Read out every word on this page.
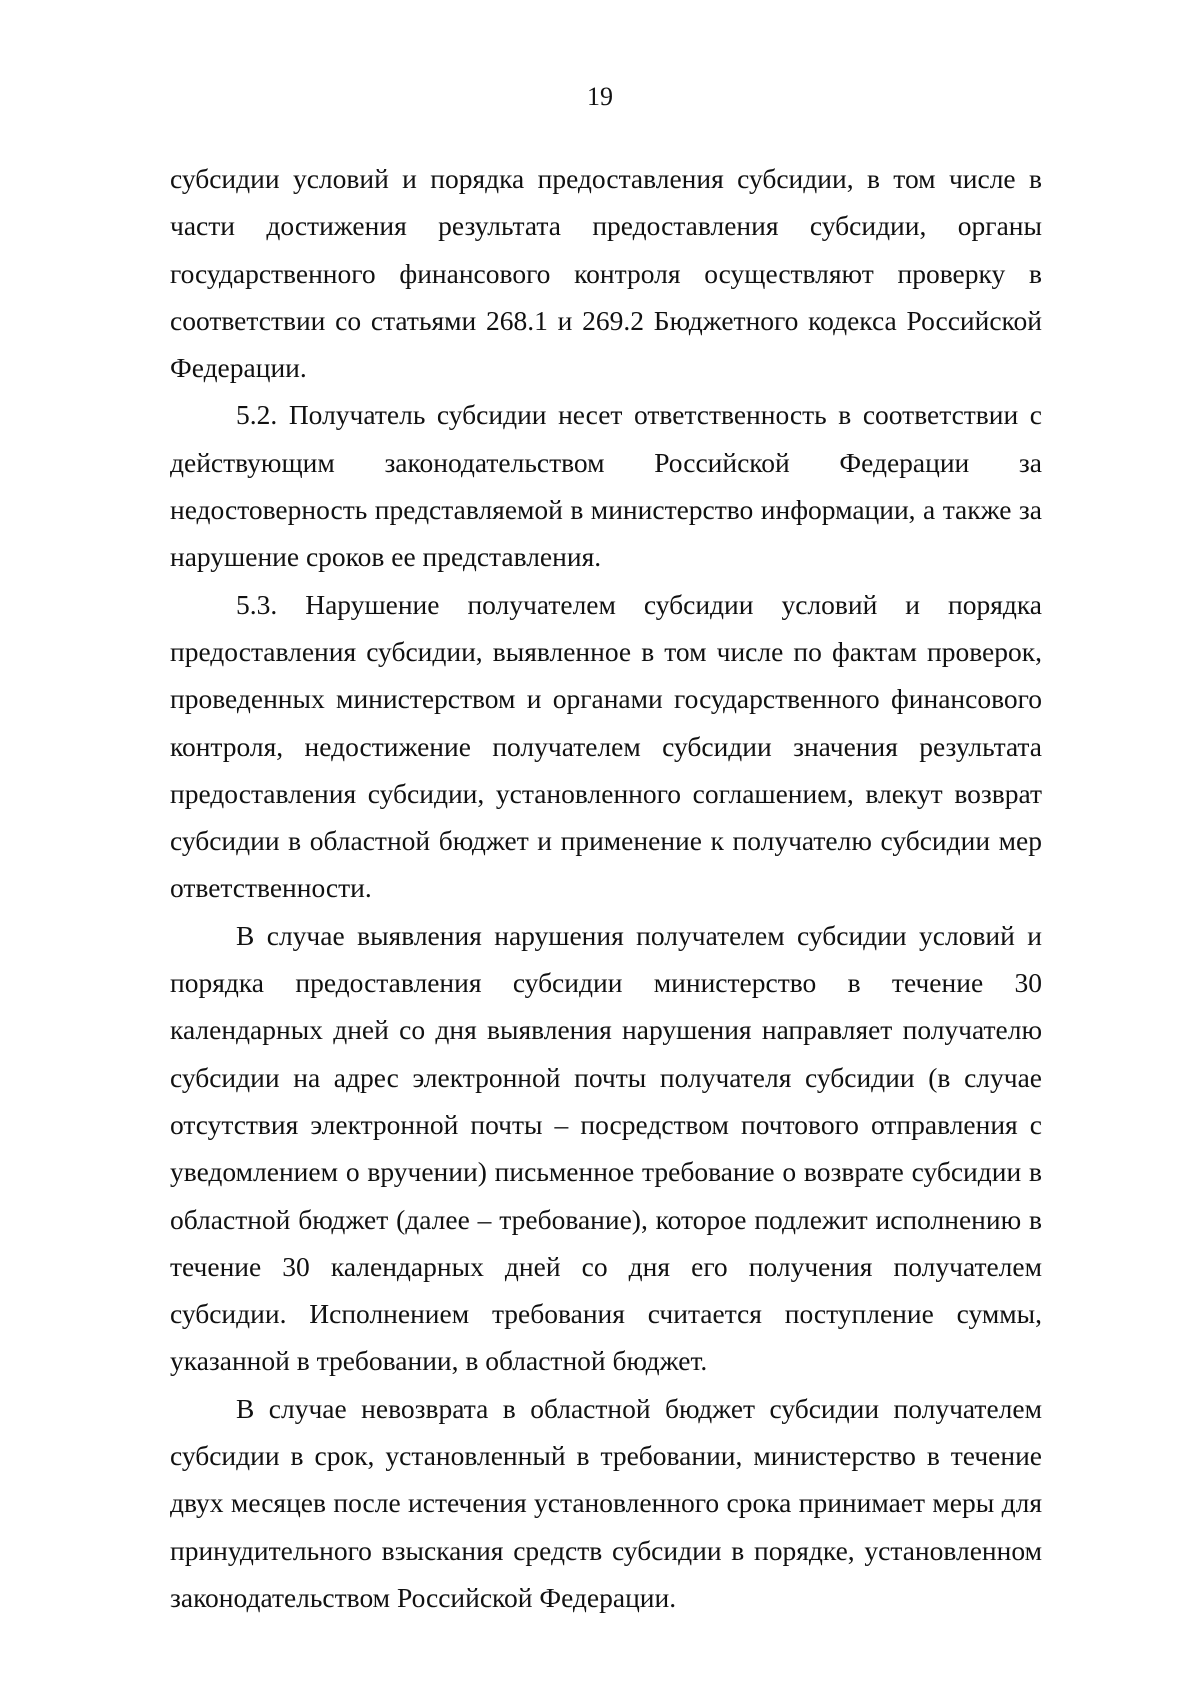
19

субсидии условий и порядка предоставления субсидии, в том числе в части достижения результата предоставления субсидии, органы государственного финансового контроля осуществляют проверку в соответствии со статьями 268.1 и 269.2 Бюджетного кодекса Российской Федерации.

5.2. Получатель субсидии несет ответственность в соответствии с действующим законодательством Российской Федерации за недостоверность представляемой в министерство информации, а также за нарушение сроков ее представления.

5.3. Нарушение получателем субсидии условий и порядка предоставления субсидии, выявленное в том числе по фактам проверок, проведенных министерством и органами государственного финансового контроля, недостижение получателем субсидии значения результата предоставления субсидии, установленного соглашением, влекут возврат субсидии в областной бюджет и применение к получателю субсидии мер ответственности.

В случае выявления нарушения получателем субсидии условий и порядка предоставления субсидии министерство в течение 30 календарных дней со дня выявления нарушения направляет получателю субсидии на адрес электронной почты получателя субсидии (в случае отсутствия электронной почты – посредством почтового отправления с уведомлением о вручении) письменное требование о возврате субсидии в областной бюджет (далее – требование), которое подлежит исполнению в течение 30 календарных дней со дня его получения получателем субсидии. Исполнением требования считается поступление суммы, указанной в требовании, в областной бюджет.

В случае невозврата в областной бюджет субсидии получателем субсидии в срок, установленный в требовании, министерство в течение двух месяцев после истечения установленного срока принимает меры для принудительного взыскания средств субсидии в порядке, установленном законодательством Российской Федерации.
